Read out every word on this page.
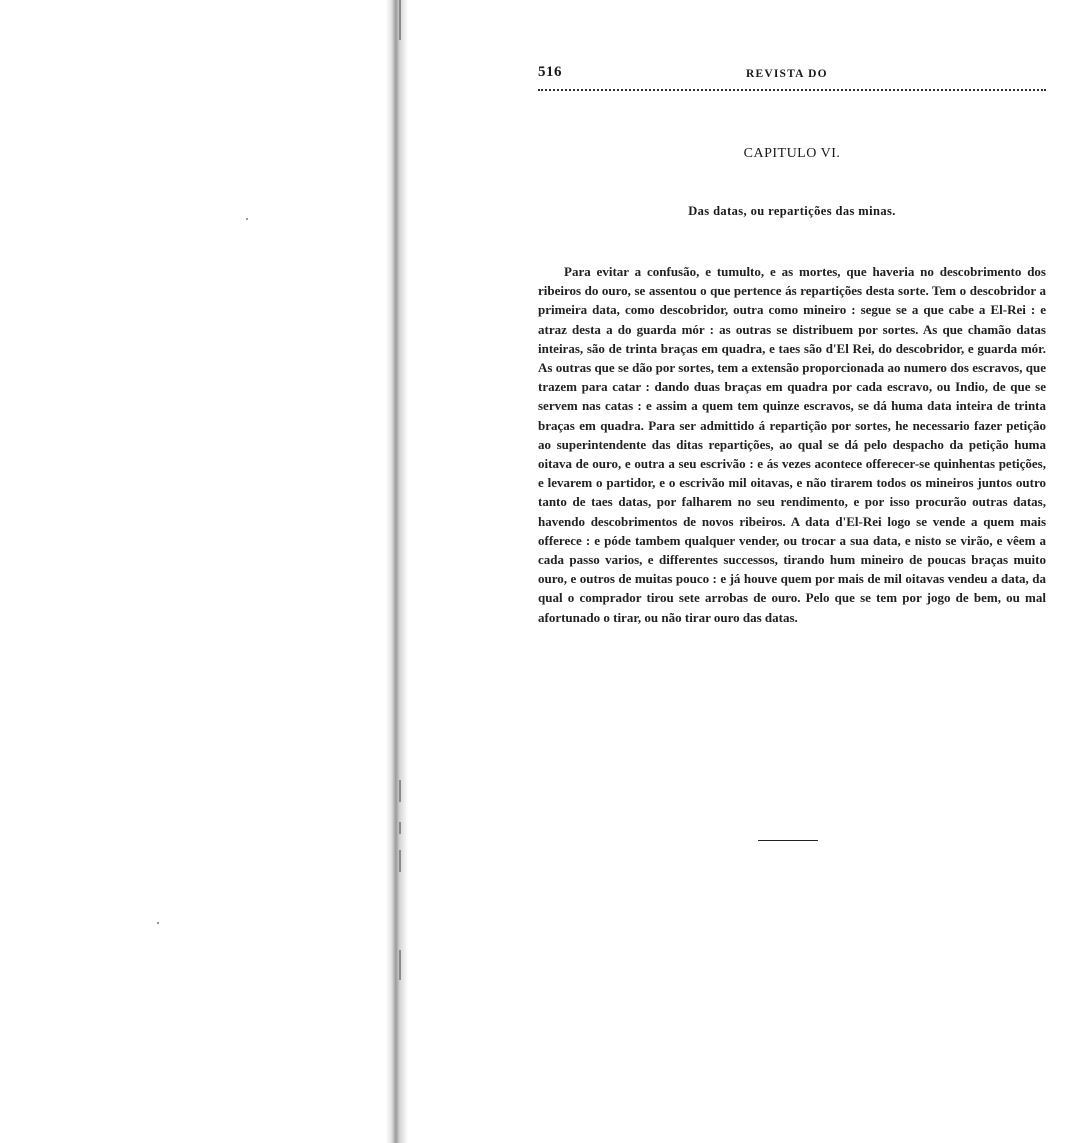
516	REVISTA DO
CAPITULO VI.
Das datas, ou repartições das minas.

Para evitar a confusão, e tumulto, e as mortes, que haveria no descobrimento dos ribeiros do ouro, se assentou o que pertence ás repartições desta sorte. Tem o descobridor a primeira data, como descobridor, outra como mineiro : segue se a que cabe a El-Rei : e atraz desta a do guarda mór : as outras se distribuem por sortes. As que chamão datas inteiras, são de trinta braças em quadra, e taes são d'El Rei, do descobridor, e guarda mór. As outras que se dão por sortes, tem a extensão proporcionada ao numero dos escravos, que trazem para catar : dando duas braças em quadra por cada escravo, ou Indio, de que se servem nas catas : e assim a quem tem quinze escravos, se dá huma data inteira de trinta braças em quadra. Para ser admittido á repartição por sortes, he necessario fazer petição ao superintendente das ditas repartições, ao qual se dá pelo despacho da petição huma oitava de ouro, e outra a seu escrivão : e ás vezes acontece offerecer-se quinhentas petições, e levarem o partidor, e o escrivão mil oitavas, e não tirarem todos os mineiros juntos outro tanto de taes datas, por falharem no seu rendimento, e por isso procurão outras datas, havendo descobrimentos de novos ribeiros. A data d'El-Rei logo se vende a quem mais offerece : e póde tambem qualquer vender, ou trocar a sua data, e nisto se virão, e vêem a cada passo varios, e differentes successos, tirando hum mineiro de poucas braças muito ouro, e outros de muitas pouco : e já houve quem por mais de mil oitavas vendeu a data, da qual o comprador tirou sete arrobas de ouro. Pelo que se tem por jogo de bem, ou mal afortunado o tirar, ou não tirar ouro das datas.
